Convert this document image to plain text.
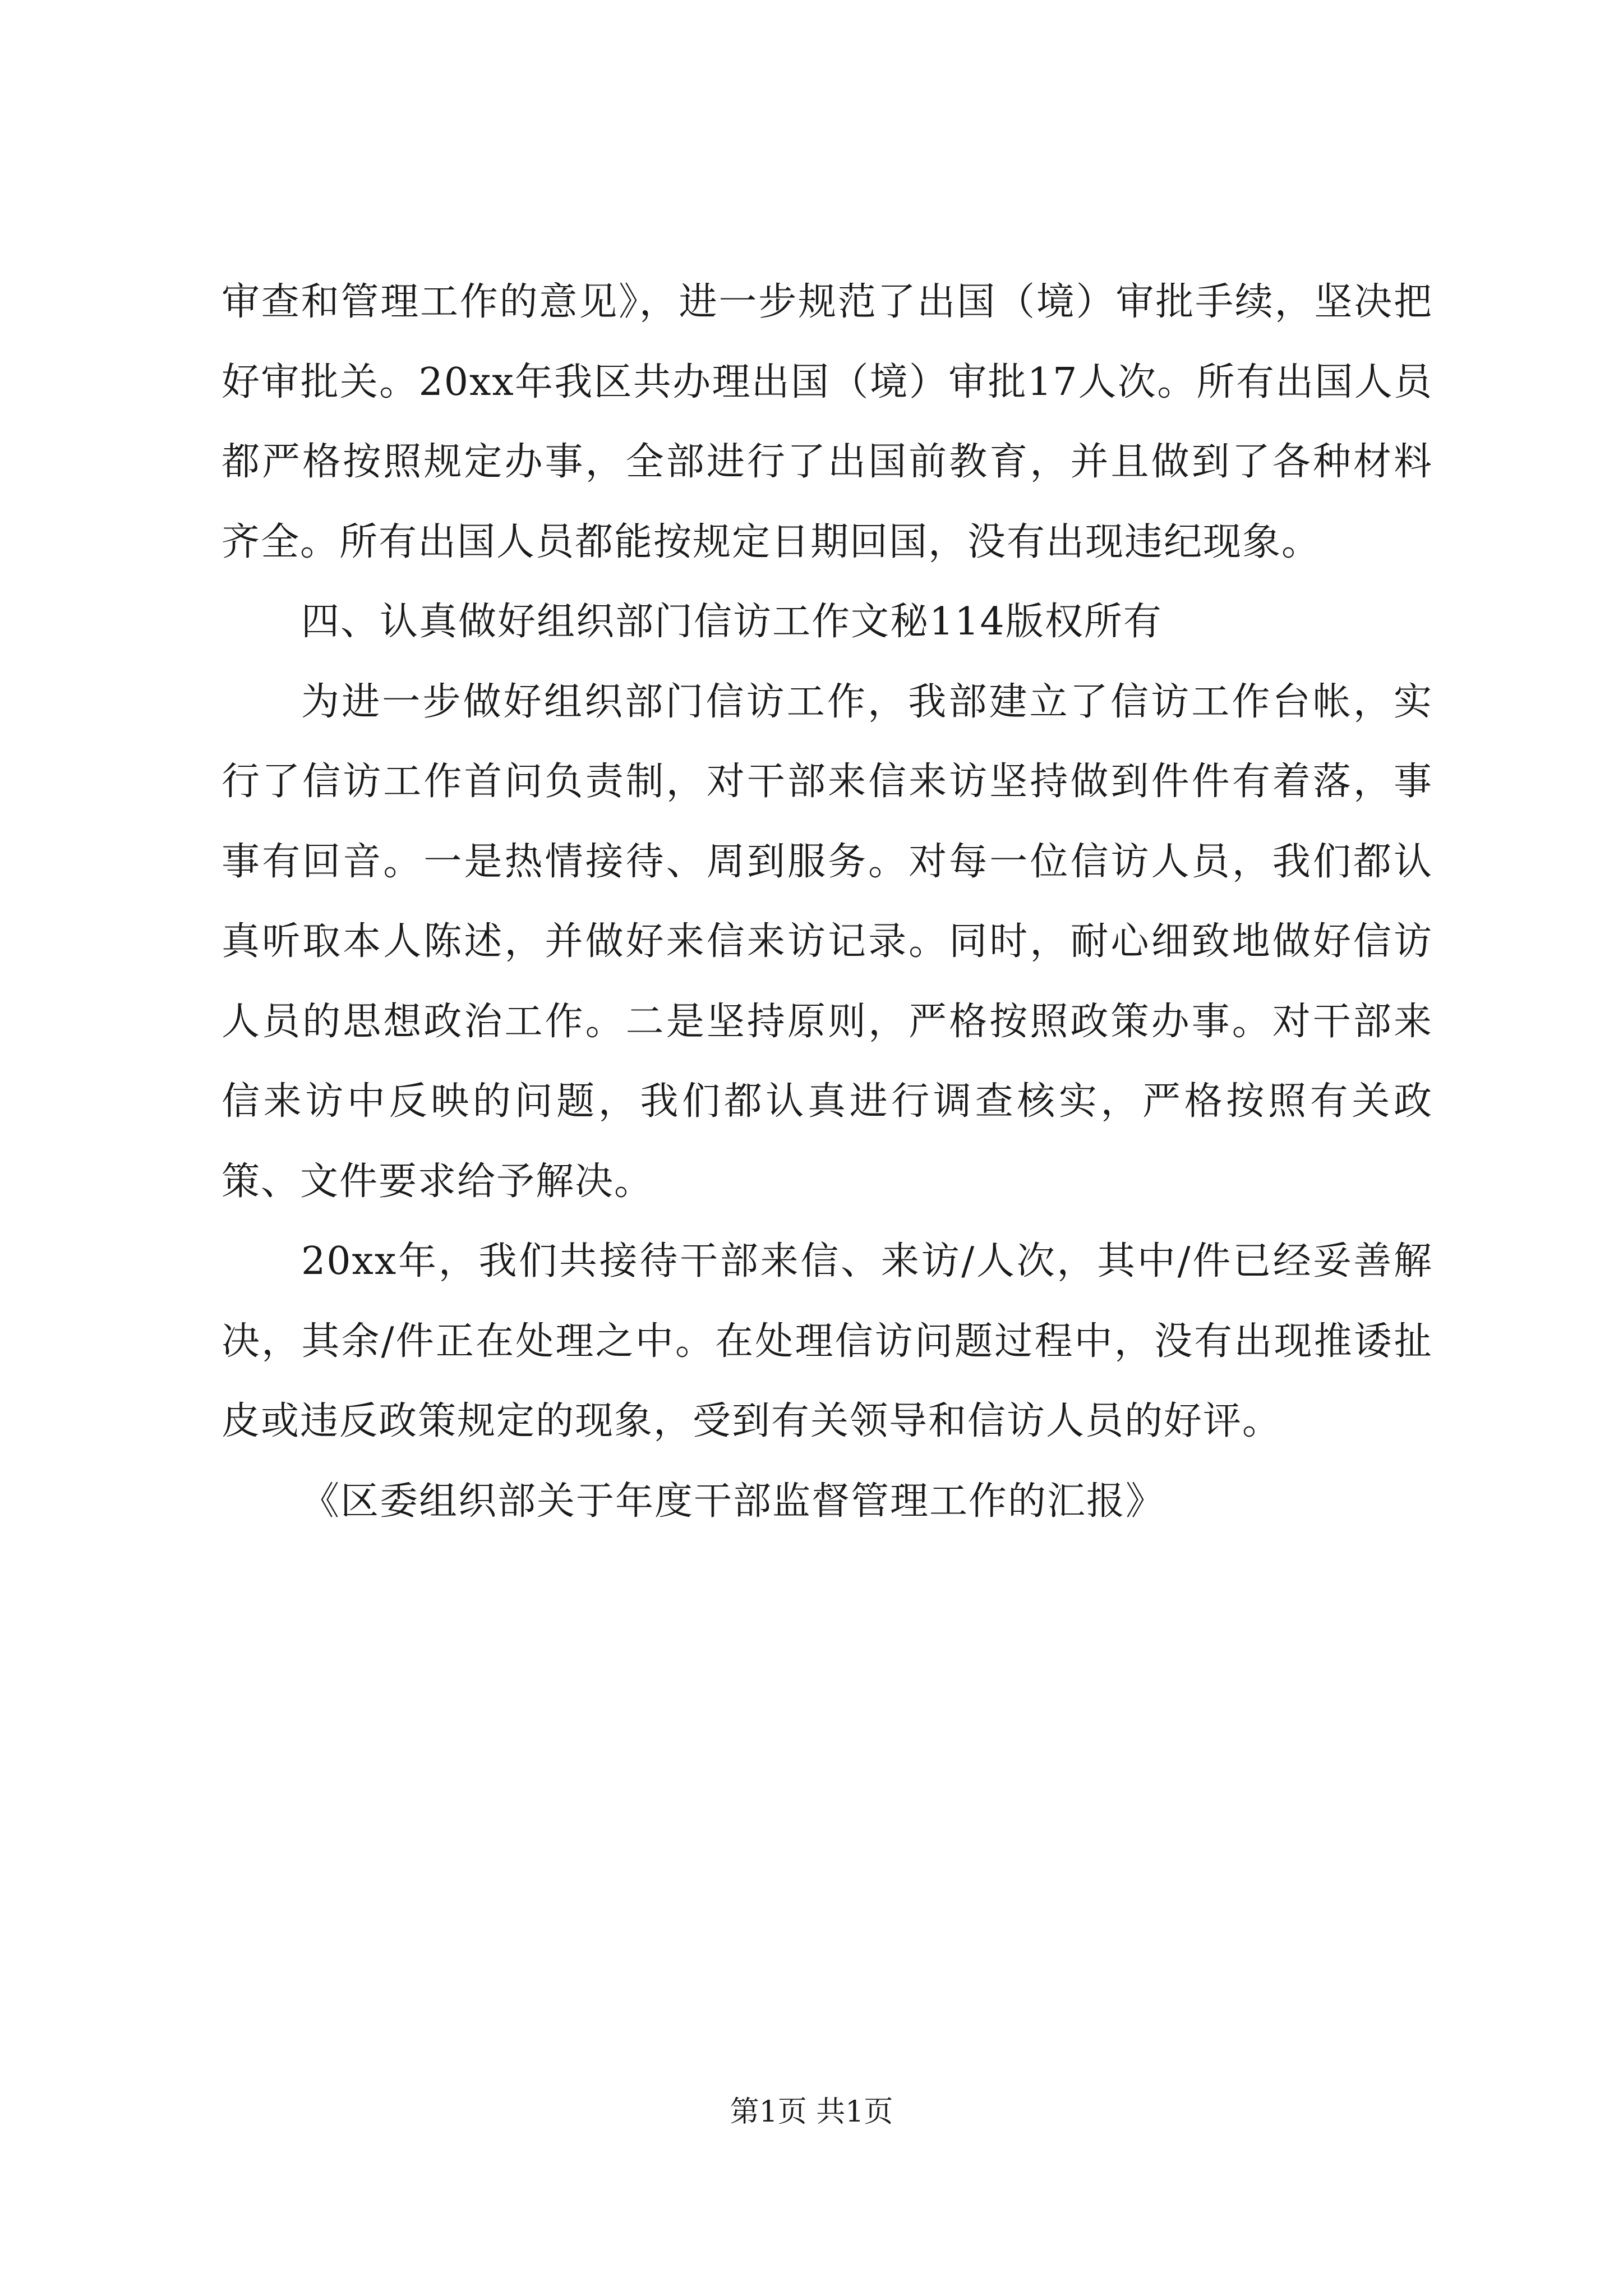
审查和管理工作的意见》，进一步规范了出国（境）审批手续，坚决把好审批关。20xx年我区共办理出国（境）审批17人次。所有出国人员都严格按照规定办事，全部进行了出国前教育，并且做到了各种材料齐全。所有出国人员都能按规定日期回国，没有出现违纪现象。

四、认真做好组织部门信访工作文秘114版权所有

为进一步做好组织部门信访工作，我部建立了信访工作台帐，实行了信访工作首问负责制，对干部来信来访坚持做到件件有着落，事事有回音。一是热情接待、周到服务。对每一位信访人员，我们都认真听取本人陈述，并做好来信来访记录。同时，耐心细致地做好信访人员的思想政治工作。二是坚持原则，严格按照政策办事。对干部来信来访中反映的问题，我们都认真进行调查核实，严格按照有关政策、文件要求给予解决。

20xx年，我们共接待干部来信、来访/人次，其中/件已经妥善解决，其余/件正在处理之中。在处理信访问题过程中，没有出现推诿扯皮或违反政策规定的现象，受到有关领导和信访人员的好评。

《区委组织部关于年度干部监督管理工作的汇报》

第1页 共1页
